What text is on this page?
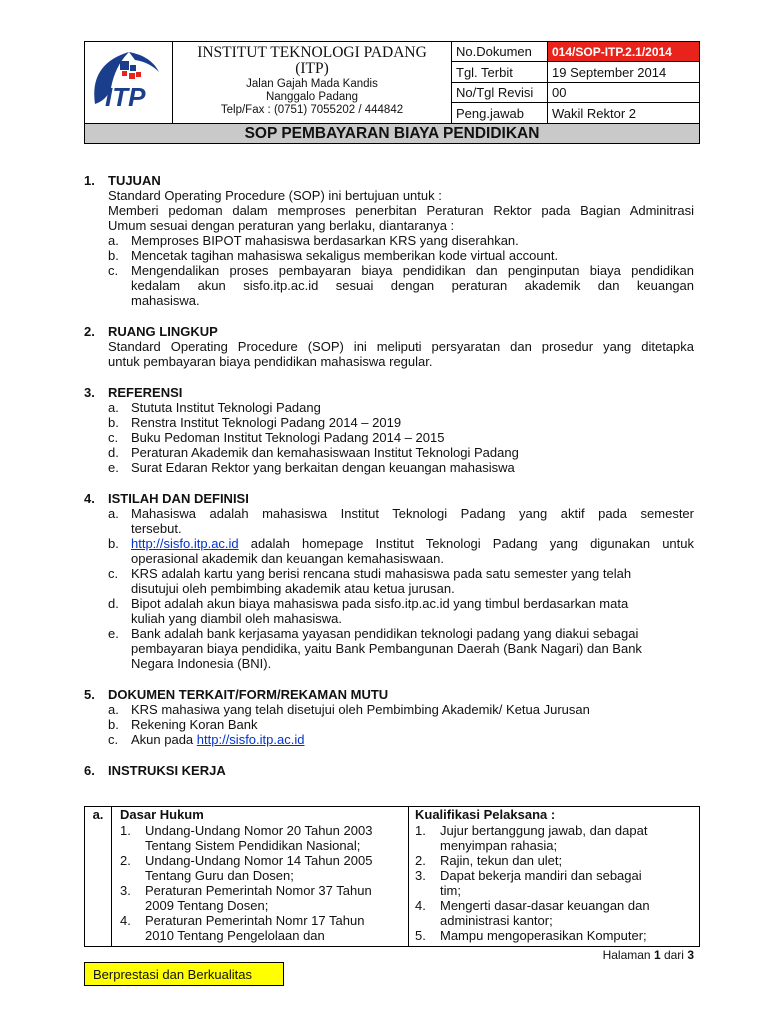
ITP
INSTITUT TEKNOLOGI PADANG
(ITP)
Jalan Gajah Mada Kandis
Nanggalo Padang
Telp/Fax : (0751) 7055202 / 444842
No.Dokumen	014/SOP-ITP.2.1/2014
Tgl. Terbit	19 September 2014
No/Tgl Revisi	00
Peng.jawab	Wakil Rektor 2
SOP PEMBAYARAN BIAYA PENDIDIKAN
1.	TUJUAN
Standard Operating Procedure (SOP) ini bertujuan untuk :
Memberi pedoman dalam memproses penerbitan Peraturan Rektor pada Bagian Adminitrasi
Umum sesuai dengan peraturan yang berlaku, diantaranya :
a. Memproses BIPOT mahasiswa berdasarkan KRS yang diserahkan.
b. Mencetak tagihan mahasiswa sekaligus memberikan kode virtual account.
c. Mengendalikan proses pembayaran biaya pendidikan dan penginputan biaya pendidikan
kedalam akun sisfo.itp.ac.id sesuai dengan peraturan akademik dan keuangan
mahasiswa.
2.	RUANG LINGKUP
Standard Operating Procedure (SOP) ini meliputi persyaratan dan prosedur yang ditetapka
untuk pembayaran biaya pendidikan mahasiswa regular.
3.	REFERENSI
a. Stututa Institut Teknologi Padang
b. Renstra Institut Teknologi Padang 2014 – 2019
c. Buku Pedoman Institut Teknologi Padang 2014 – 2015
d. Peraturan Akademik dan kemahasiswaan Institut Teknologi Padang
e. Surat Edaran Rektor yang berkaitan dengan keuangan mahasiswa
4.	ISTILAH DAN DEFINISI
a. Mahasiswa adalah mahasiswa Institut Teknologi Padang yang aktif pada semester
tersebut.
b. http://sisfo.itp.ac.id adalah homepage Institut Teknologi Padang yang digunakan untuk
operasional akademik dan keuangan kemahasiswaan.
c. KRS adalah kartu yang berisi rencana studi mahasiswa pada satu semester yang telah
disutujui oleh pembimbing akademik atau ketua jurusan.
d. Bipot adalah akun biaya mahasiswa pada sisfo.itp.ac.id yang timbul berdasarkan mata
kuliah yang diambil oleh mahasiswa.
e. Bank adalah bank kerjasama yayasan pendidikan teknologi padang yang diakui sebagai
pembayaran biaya pendidika, yaitu Bank Pembangunan Daerah (Bank Nagari) dan Bank
Negara Indonesia (BNI).
5.	DOKUMEN TERKAIT/FORM/REKAMAN MUTU
a. KRS mahasiwa yang telah disetujui oleh Pembimbing Akademik/ Ketua Jurusan
b. Rekening Koran Bank
c. Akun pada http://sisfo.itp.ac.id
6.	INSTRUKSI KERJA
a.	Dasar Hukum
1.	Undang-Undang Nomor 20 Tahun 2003
Tentang Sistem Pendidikan Nasional;
2.	Undang-Undang Nomor 14 Tahun 2005
Tentang Guru dan Dosen;
3.	Peraturan Pemerintah Nomor 37 Tahun
2009 Tentang Dosen;
4.	Peraturan Pemerintah Nomr 17 Tahun
2010 Tentang Pengelolaan dan
Kualifikasi Pelaksana :
1.	Jujur bertanggung jawab, dan dapat
menyimpan rahasia;
2.	Rajin, tekun dan ulet;
3.	Dapat bekerja mandiri dan sebagai
tim;
4.	Mengerti dasar-dasar keuangan dan
administrasi kantor;
5.	Mampu mengoperasikan Komputer;
Halaman 1 dari 3
Berprestasi dan Berkualitas
